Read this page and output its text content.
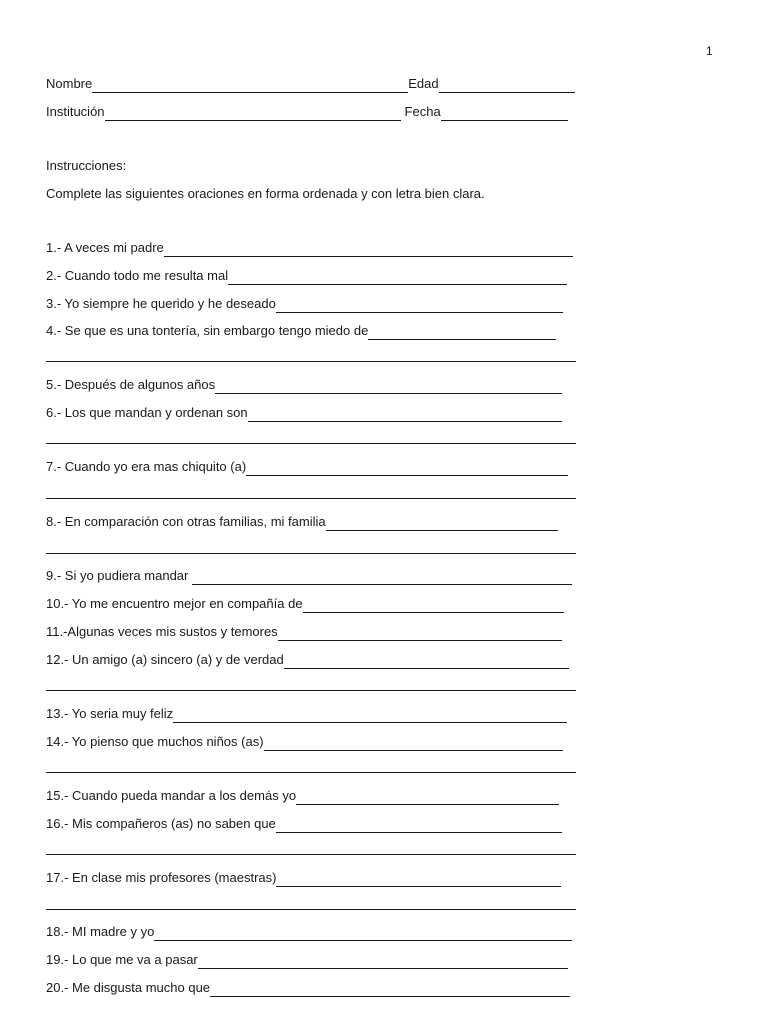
1
Nombre	Edad
Institución	Fecha
Instrucciones:
Complete las siguientes oraciones en forma ordenada y con letra bien clara.
1.- A veces mi padre
2.- Cuando todo me resulta mal
3.- Yo siempre he querido y he deseado
4.- Se que es una tontería, sin embargo tengo miedo de
5.- Después de algunos años
6.- Los que mandan y ordenan son
7.- Cuando yo era mas chiquito (a)
8.- En comparación con otras familias, mi familia
9.- Si yo pudiera mandar
10.- Yo me encuentro mejor en compañía de
11.-Algunas veces mis sustos y temores
12.- Un amigo (a) sincero (a) y de verdad
13.- Yo seria muy feliz
14.- Yo pienso que muchos niños (as)
15.- Cuando pueda mandar a los demás yo
16.- Mis compañeros (as) no saben que
17.- En clase mis profesores (maestras)
18.- MI madre y yo
19.- Lo que me va a pasar
20.- Me disgusta mucho que
